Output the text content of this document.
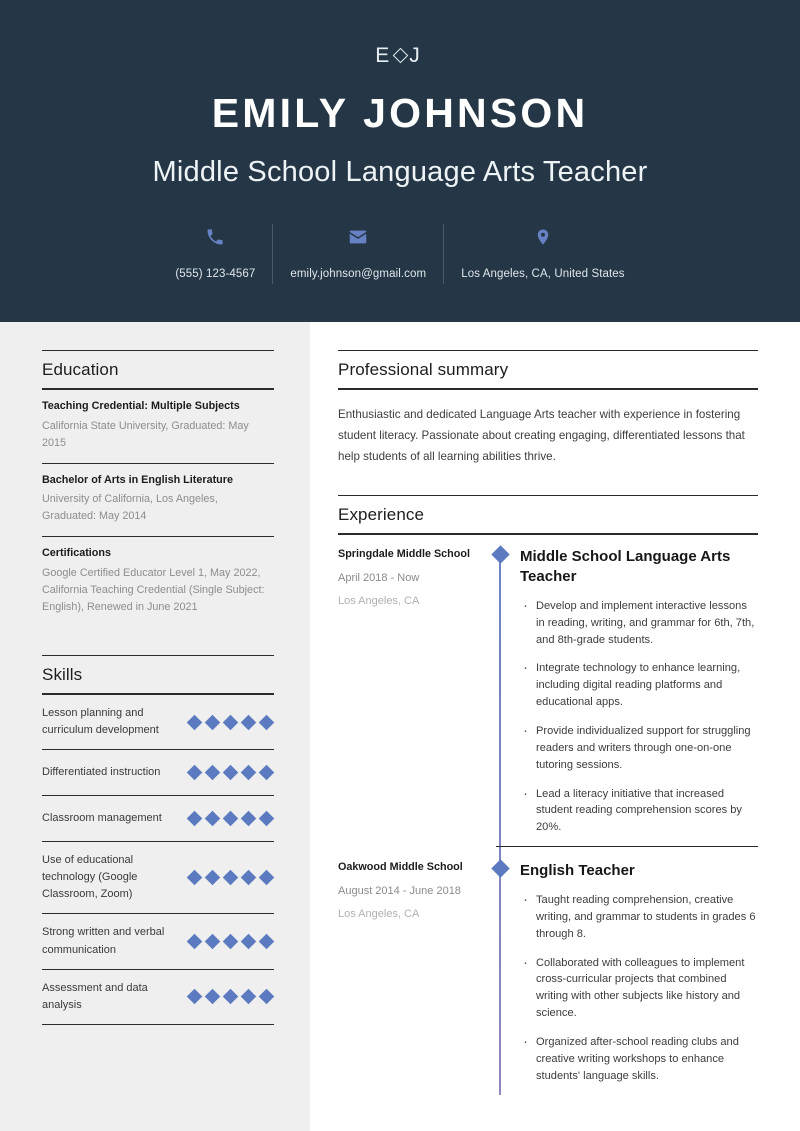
E J
EMILY JOHNSON
Middle School Language Arts Teacher
(555) 123-4567	emily.johnson@gmail.com	Los Angeles, CA, United States
Education
Teaching Credential: Multiple Subjects
California State University, Graduated: May 2015
Bachelor of Arts in English Literature
University of California, Los Angeles, Graduated: May 2014
Certifications
Google Certified Educator Level 1, May 2022, California Teaching Credential (Single Subject: English), Renewed in June 2021
Skills
Lesson planning and curriculum development
Differentiated instruction
Classroom management
Use of educational technology (Google Classroom, Zoom)
Strong written and verbal communication
Assessment and data analysis
Professional summary
Enthusiastic and dedicated Language Arts teacher with experience in fostering student literacy. Passionate about creating engaging, differentiated lessons that help students of all learning abilities thrive.
Experience
Springdale Middle School
April 2018 - Now
Los Angeles, CA
Middle School Language Arts Teacher
· Develop and implement interactive lessons in reading, writing, and grammar for 6th, 7th, and 8th-grade students.
· Integrate technology to enhance learning, including digital reading platforms and educational apps.
· Provide individualized support for struggling readers and writers through one-on-one tutoring sessions.
· Lead a literacy initiative that increased student reading comprehension scores by 20%.
Oakwood Middle School
August 2014 - June 2018
Los Angeles, CA
English Teacher
· Taught reading comprehension, creative writing, and grammar to students in grades 6 through 8.
· Collaborated with colleagues to implement cross-curricular projects that combined writing with other subjects like history and science.
· Organized after-school reading clubs and creative writing workshops to enhance students' language skills.
